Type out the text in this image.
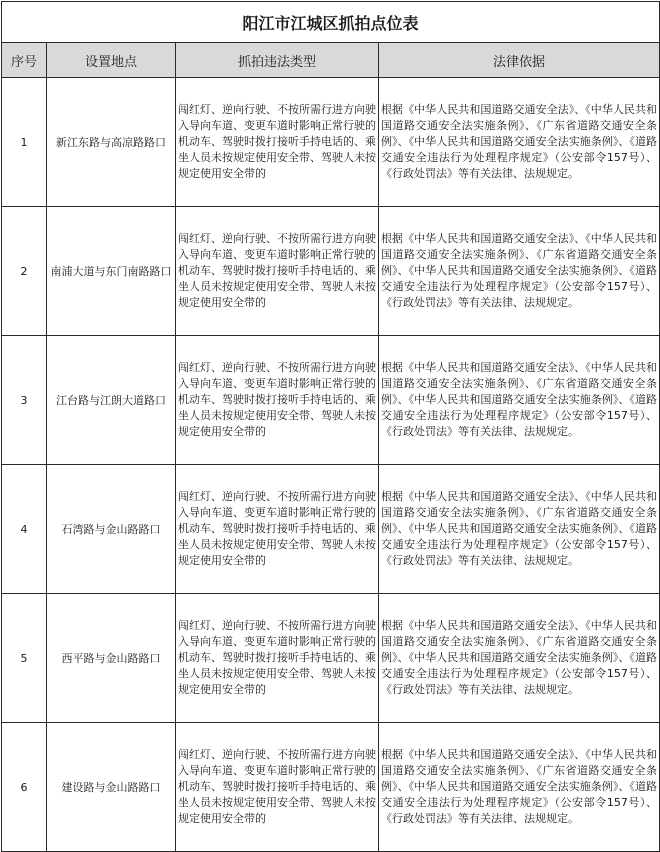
阳江市江城区抓拍点位表			
序号	设置地点	抓拍违法类型	法律依据
1	新江东路与高凉路路口	闯红灯、逆向行驶、不按所需行进方向驶入导向车道、变更车道时影响正常行驶的机动车、驾驶时拨打接听手持电话的、乘坐人员未按规定使用安全带、驾驶人未按规定使用安全带的	根据《中华人民共和国道路交通安全法》、《中华人民共和国道路交通安全法实施条例》、《广东省道路交通安全条例》、《中华人民共和国道路交通安全法实施条例》、《道路交通安全违法行为处理程序规定》（公安部令157号）、《行政处罚法》等有关法律、法规规定。
2	南浦大道与东门南路路口	闯红灯、逆向行驶、不按所需行进方向驶入导向车道、变更车道时影响正常行驶的机动车、驾驶时拨打接听手持电话的、乘坐人员未按规定使用安全带、驾驶人未按规定使用安全带的	根据《中华人民共和国道路交通安全法》、《中华人民共和国道路交通安全法实施条例》、《广东省道路交通安全条例》、《中华人民共和国道路交通安全法实施条例》、《道路交通安全违法行为处理程序规定》（公安部令157号）、《行政处罚法》等有关法律、法规规定。
3	江台路与江朗大道路口	闯红灯、逆向行驶、不按所需行进方向驶入导向车道、变更车道时影响正常行驶的机动车、驾驶时拨打接听手持电话的、乘坐人员未按规定使用安全带、驾驶人未按规定使用安全带的	根据《中华人民共和国道路交通安全法》、《中华人民共和国道路交通安全法实施条例》、《广东省道路交通安全条例》、《中华人民共和国道路交通安全法实施条例》、《道路交通安全违法行为处理程序规定》（公安部令157号）、《行政处罚法》等有关法律、法规规定。
4	石湾路与金山路路口	闯红灯、逆向行驶、不按所需行进方向驶入导向车道、变更车道时影响正常行驶的机动车、驾驶时拨打接听手持电话的、乘坐人员未按规定使用安全带、驾驶人未按规定使用安全带的	根据《中华人民共和国道路交通安全法》、《中华人民共和国道路交通安全法实施条例》、《广东省道路交通安全条例》、《中华人民共和国道路交通安全法实施条例》、《道路交通安全违法行为处理程序规定》（公安部令157号）、《行政处罚法》等有关法律、法规规定。
5	西平路与金山路路口	闯红灯、逆向行驶、不按所需行进方向驶入导向车道、变更车道时影响正常行驶的机动车、驾驶时拨打接听手持电话的、乘坐人员未按规定使用安全带、驾驶人未按规定使用安全带的	根据《中华人民共和国道路交通安全法》、《中华人民共和国道路交通安全法实施条例》、《广东省道路交通安全条例》、《中华人民共和国道路交通安全法实施条例》、《道路交通安全违法行为处理程序规定》（公安部令157号）、《行政处罚法》等有关法律、法规规定。
6	建设路与金山路路口	闯红灯、逆向行驶、不按所需行进方向驶入导向车道、变更车道时影响正常行驶的机动车、驾驶时拨打接听手持电话的、乘坐人员未按规定使用安全带、驾驶人未按规定使用安全带的	根据《中华人民共和国道路交通安全法》、《中华人民共和国道路交通安全法实施条例》、《广东省道路交通安全条例》、《中华人民共和国道路交通安全法实施条例》、《道路交通安全违法行为处理程序规定》（公安部令157号）、《行政处罚法》等有关法律、法规规定。
